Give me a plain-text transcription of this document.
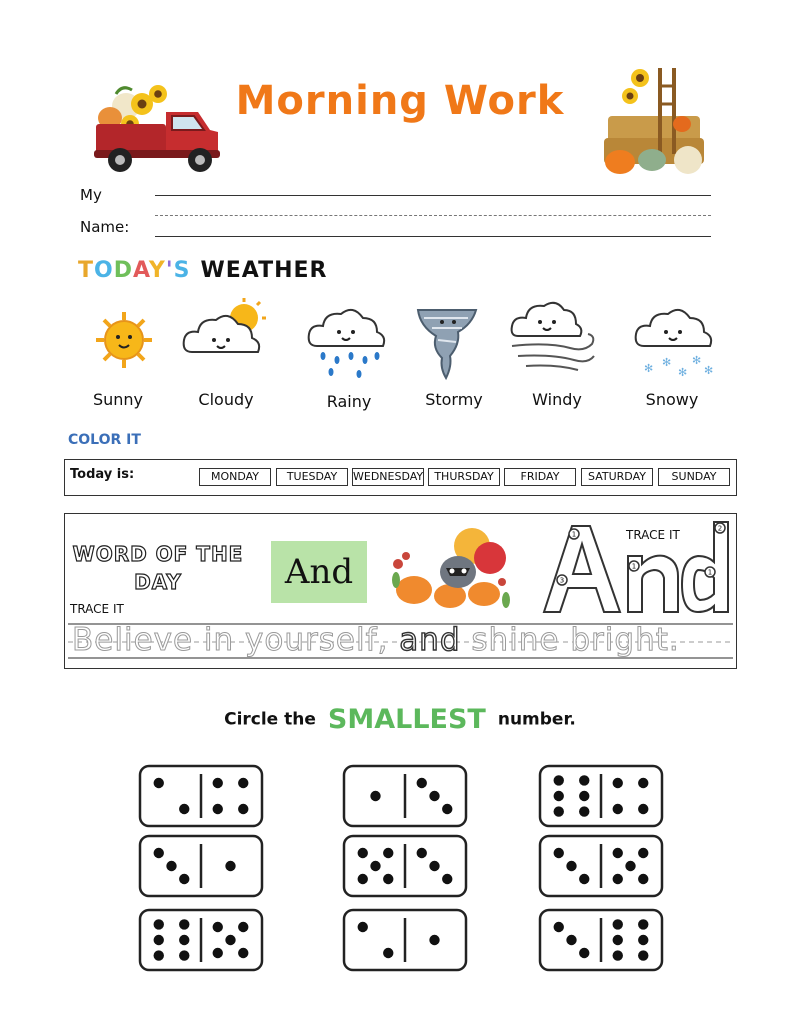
Morning Work
My
Name:
TODAY'S WEATHER
Sunny	Cloudy	Rainy	Stormy	Windy
✻ ✻
✻
✻
✻
Snowy
COLOR IT
Today is:	MONDAY	TUESDAY	WEDNESDAY	THURSDAY	FRIDAY	SATURDAY	SUNDAY
WORD OF THE
DAY
TRACE IT
And
1
3
1
2
1
TRACE IT
Believe in yourself, and shine bright.
Circle the SMALLEST number.
